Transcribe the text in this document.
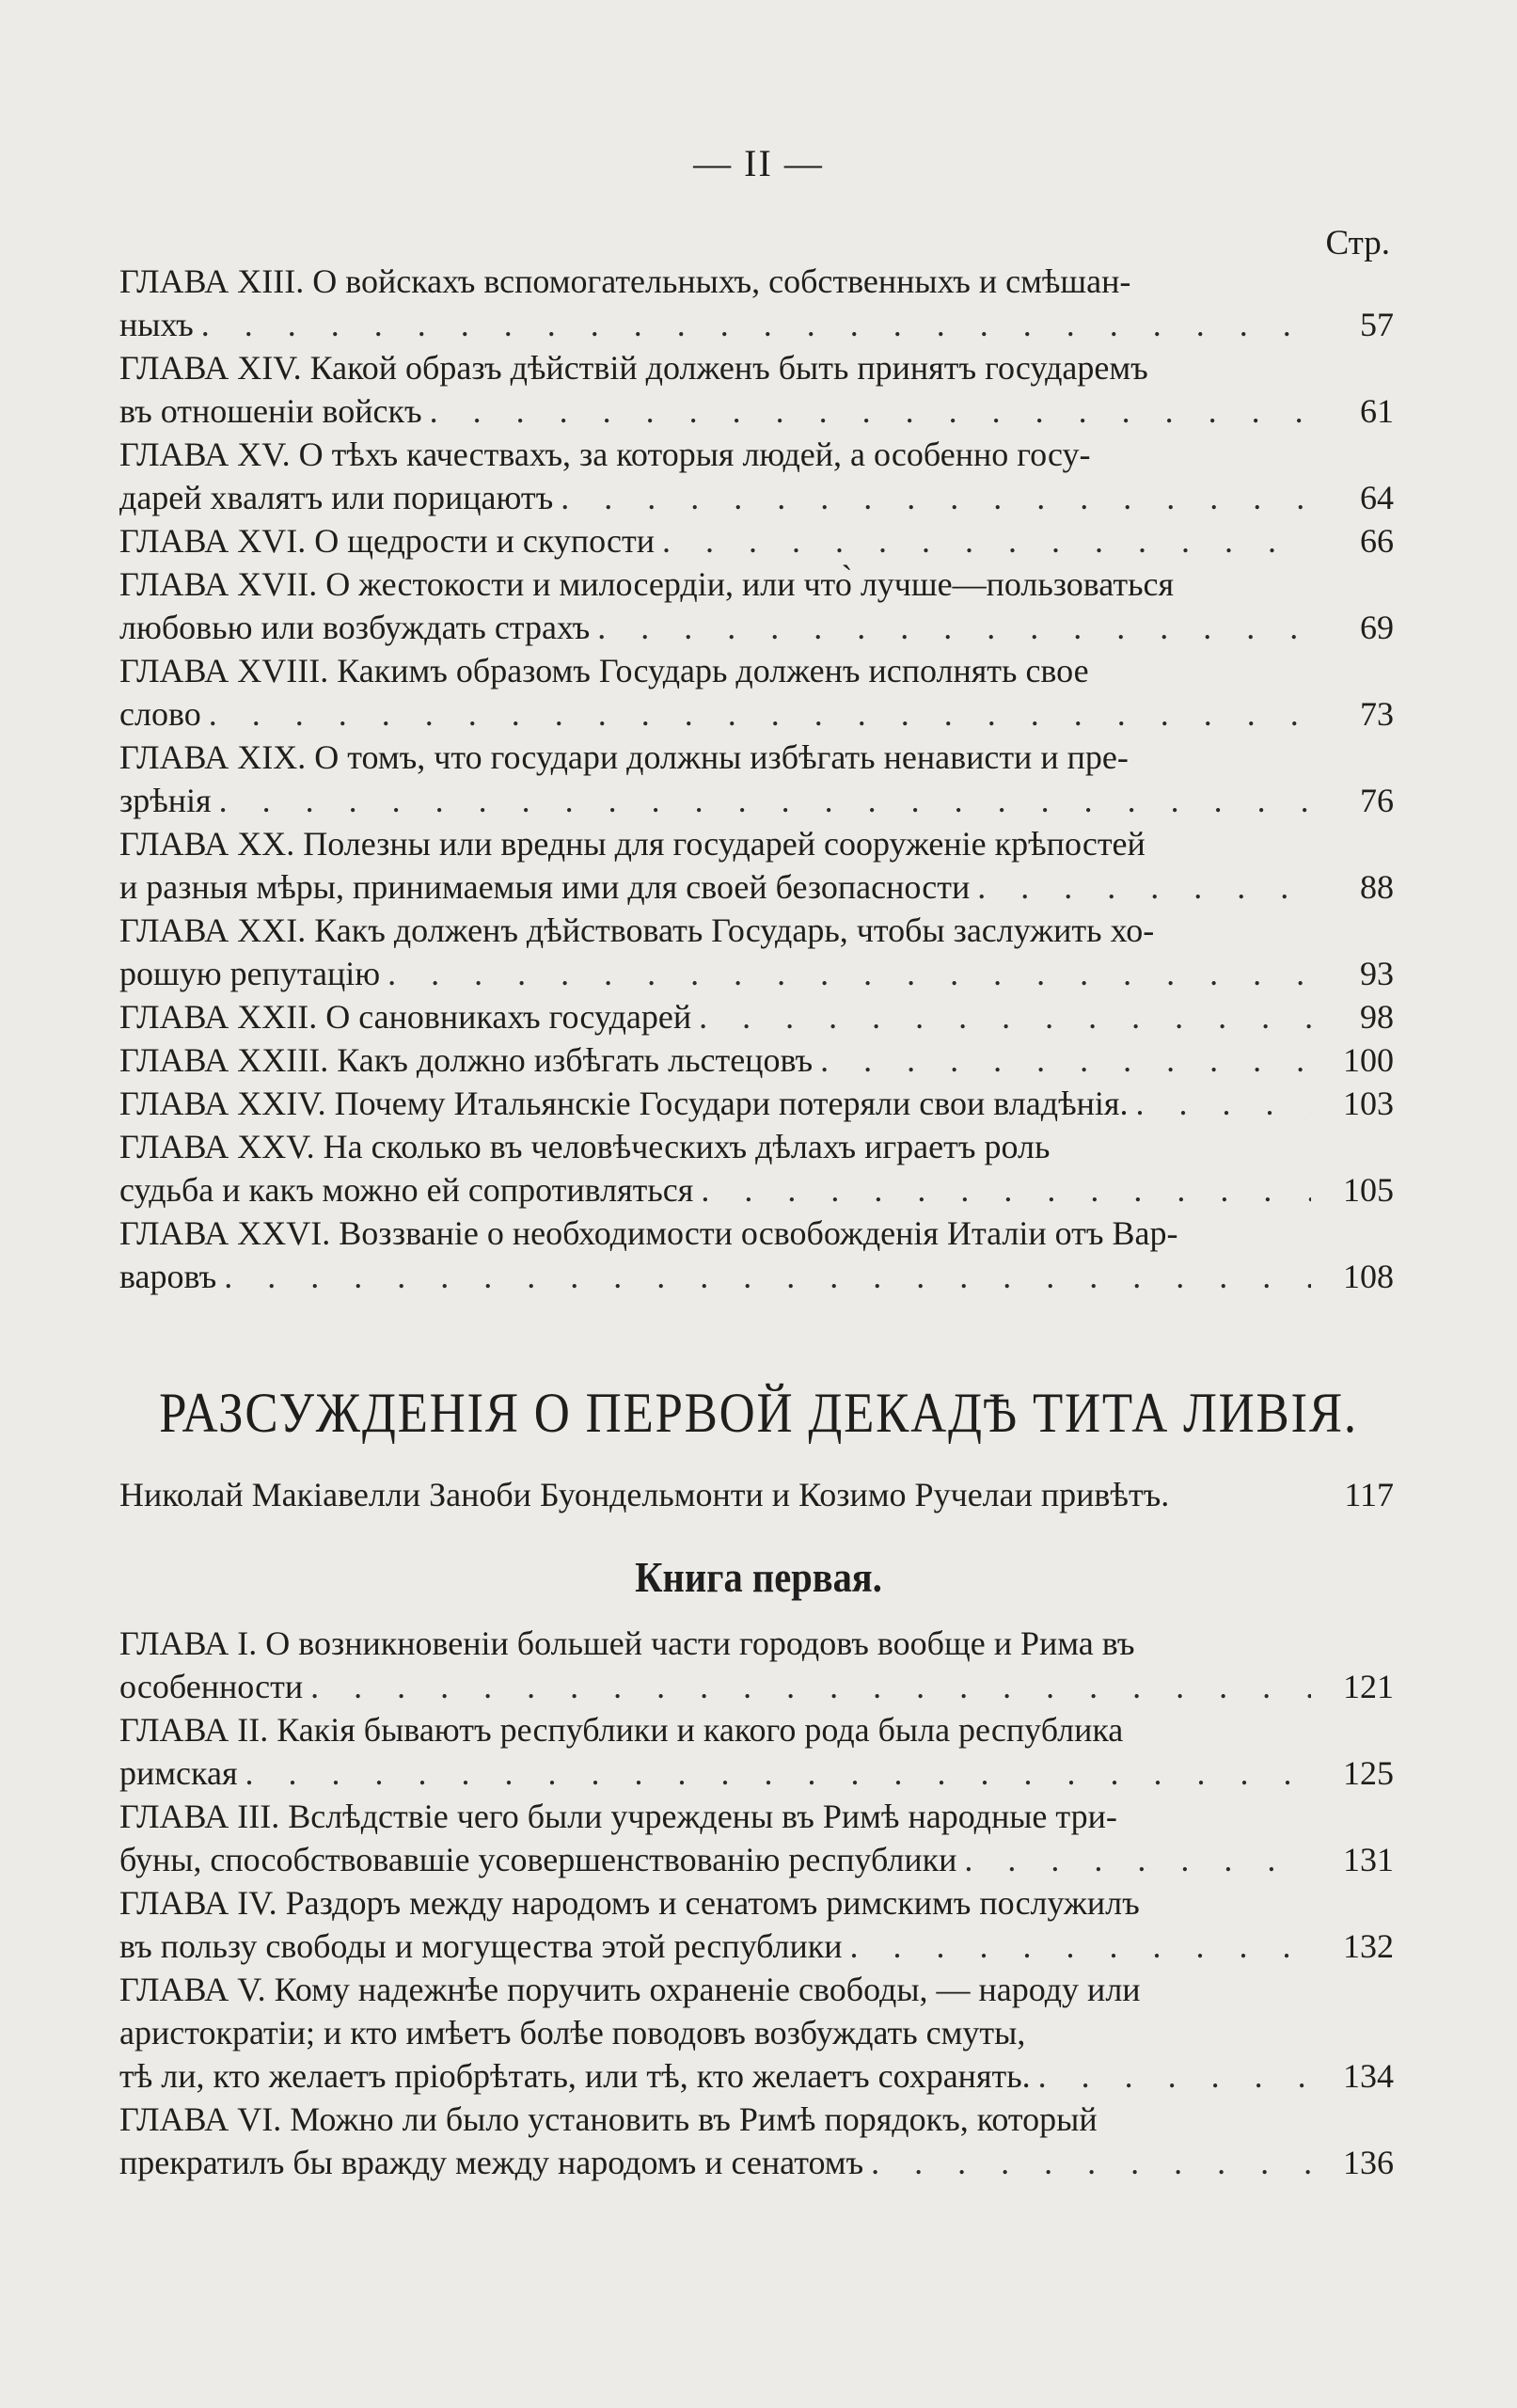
— II —
Стр.
ГЛАВА XIII. О войскахъ вспомогательныхъ, собственныхъ и смѣшан-
ныхъ . . .	57
ГЛАВА XIV. Какой образъ дѣйствій долженъ быть принятъ государемъ
въ отношеніи войскъ . . .	61
ГЛАВА XV. О тѣхъ качествахъ, за которыя людей, а особенно госу-
дарей хвалятъ или порицаютъ . . .	64
ГЛАВА XVI. О щедрости и скупости . . .	66
ГЛАВА XVII. О жестокости и милосердіи, или что̀ лучше—пользоваться
любовью или возбуждать страхъ . . .	69
ГЛАВА XVIII. Какимъ образомъ Государь долженъ исполнять свое
слово . . .	73
ГЛАВА XIX. О томъ, что государи должны избѣгать ненависти и пре-
зрѣнія . . .	76
ГЛАВА XX. Полезны или вредны для государей сооруженіе крѣпостей
и разныя мѣры, принимаемыя ими для своей безопасности . . .	88
ГЛАВА XXI. Какъ долженъ дѣйствовать Государь, чтобы заслужить хо-
рошую репутацію . . .	93
ГЛАВА XXII. О сановникахъ государей . . .	98
ГЛАВА XXIII. Какъ должно избѣгать льстецовъ . . .	100
ГЛАВА XXIV. Почему Итальянскіе Государи потеряли свои владѣнія. . . .	103
ГЛАВА XXV. На сколько въ человѣческихъ дѣлахъ играетъ роль
судьба и какъ можно ей сопротивляться . . .	105
ГЛАВА XXVI. Воззваніе о необходимости освобожденія Италіи отъ Вар-
варовъ . . .	108
РАЗСУЖДЕНІЯ О ПЕРВОЙ ДЕКАДѢ ТИТА ЛИВІЯ.
Николай Макіавелли Заноби Буондельмонти и Козимо Ручелаи привѣтъ.	117
Книга первая.
ГЛАВА I. О возникновеніи большей части городовъ вообще и Рима въ
особенности . . .	121
ГЛАВА II. Какія бываютъ республики и какого рода была республика
римская . . .	125
ГЛАВА III. Вслѣдствіе чего были учреждены въ Римѣ народные три-
буны, способствовавшіе усовершенствованію республики . . .	131
ГЛАВА IV. Раздоръ между народомъ и сенатомъ римскимъ послужилъ
въ пользу свободы и могущества этой республики . . .	132
ГЛАВА V. Кому надежнѣе поручить охраненіе свободы, — народу или
аристократіи; и кто имѣетъ болѣе поводовъ возбуждать смуты,
тѣ ли, кто желаетъ пріобрѣтать, или тѣ, кто желаетъ сохранять. . . .	134
ГЛАВА VI. Можно ли было установить въ Римѣ порядокъ, который
прекратилъ бы вражду между народомъ и сенатомъ . . .	136
